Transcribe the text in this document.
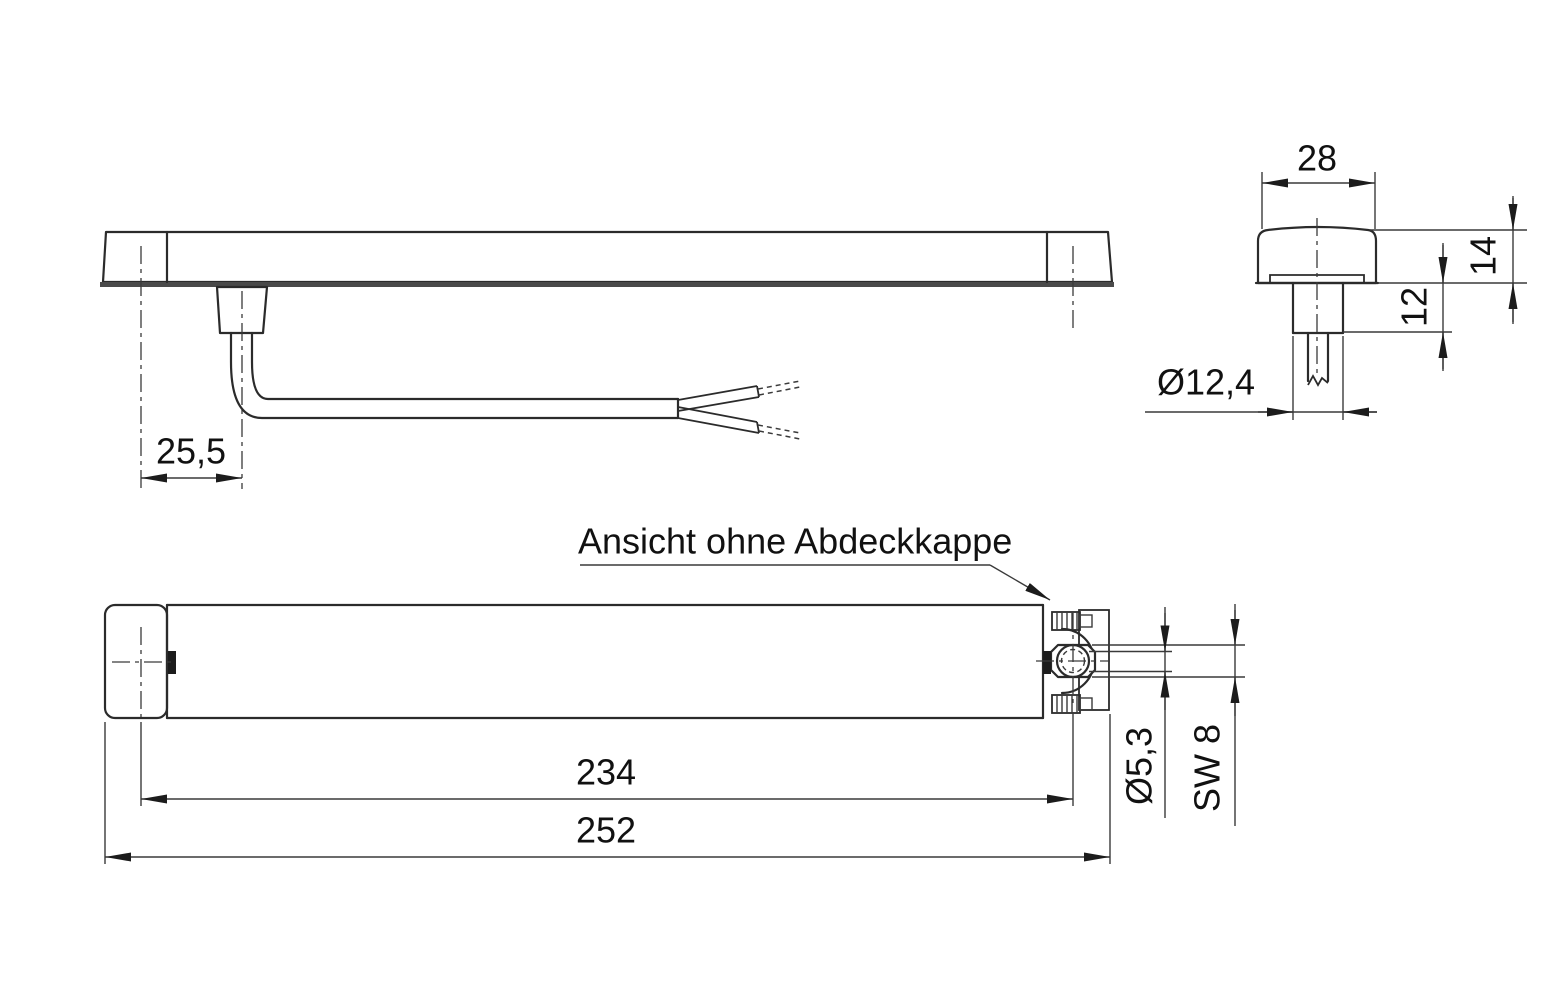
25,5
28
14
12
Ø12,4
Ø5,3 SW 8
234
252
Ansicht ohne Abdeckkappe
